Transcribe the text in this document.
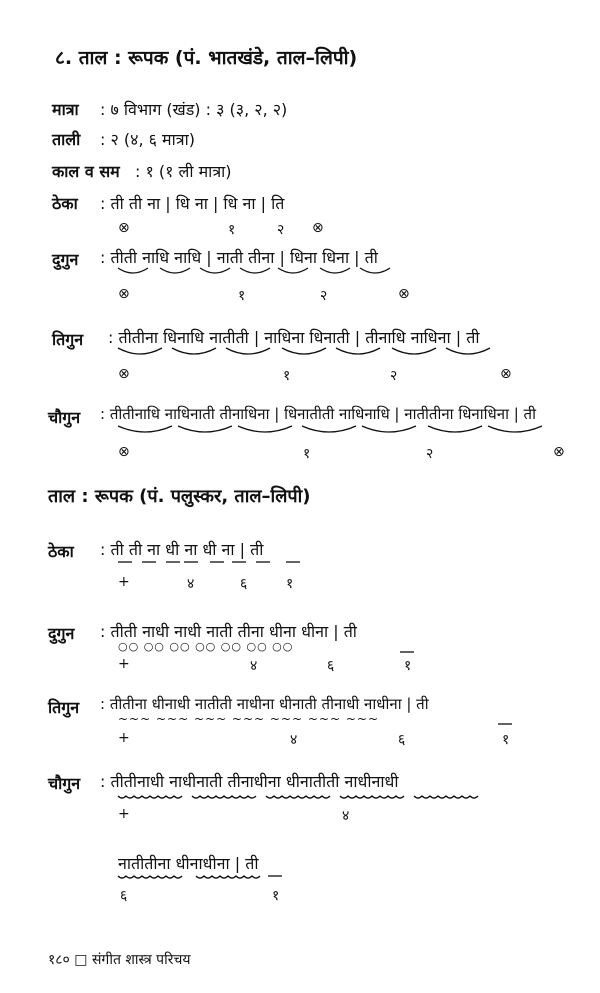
८. ताल : रूपक (पं. भातखंडे, ताल–लिपी)
मात्रा : ७ विभाग (खंड) : ३ (३, २, २)
ताली : २ (४, ६ मात्रा)
काल व सम : १ (१ ली मात्रा)
ठेका : ती ती ना | धि ना | धि ना | ति
⊗	१	२ ⊗
दुगुन : तीती नाधि नाधि | नाती तीना | धिना धिना | ती
⊗	१	२	⊗
तिगुन : तीतीना धिनाधि नातीती | नाधिना धिनाती | तीनाधि नाधिना | ती
⊗	१	२	⊗
चौगुन : तीतीनाधि नाधिनाती तीनाधिना | धिनातीती नाधिनाधि | नातीतीना धिनाधिना | ती
⊗	१	२	⊗
ताल : रूपक (पं. पलुस्कर, ताल–लिपी)
ठेका : ती ती ना धी ना धी ना | ती
+	४	६	१
दुगुन : तीती नाधी नाधी नाती तीना धीना धीना | ती
○○ ○○ ○○ ○○ ○○ ○○ ○○
+	४	६	१
तिगुन : तीतीना धीनाधी नातीती नाधीना धीनाती तीनाधी नाधीना | ती
~~~ ~~~ ~~~ ~~~ ~~~ ~~~ ~~~
+	४	६	१
चौगुन : तीतीनाधी नाधीनाती तीनाधीना धीनातीती नाधीनाधी
+	४
नातीतीना धीनाधीना | ती
६	१
१८० □ संगीत शास्त्र परिचय
